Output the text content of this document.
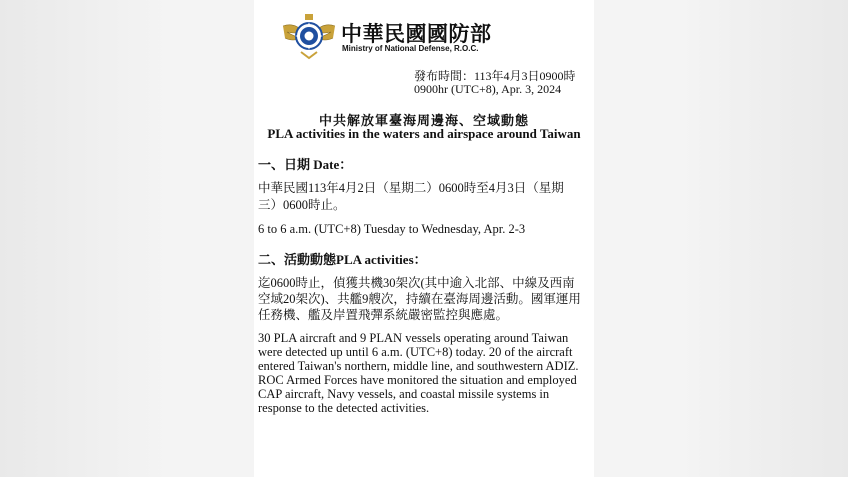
中華民國國防部
Ministry of National Defense, R.O.C.
發布時間：113年4月3日0900時
0900hr (UTC+8), Apr. 3, 2024
中共解放軍臺海周邊海、空域動態
PLA activities in the waters and airspace around Taiwan
一、日期 Date：
中華民國113年4月2日（星期二）0600時至4月3日（星期三）0600時止。
6 to 6 a.m. (UTC+8) Tuesday to Wednesday, Apr. 2-3
二、活動動態PLA activities：
迄0600時止，偵獲共機30架次(其中逾入北部、中線及西南空域20架次)、共艦9艘次，持續在臺海周邊活動。國軍運用任務機、艦及岸置飛彈系統嚴密監控與應處。
30 PLA aircraft and 9 PLAN vessels operating around Taiwan
were detected up until 6 a.m. (UTC+8) today. 20 of the aircraft
entered Taiwan's northern, middle line, and southwestern ADIZ.
ROC Armed Forces have monitored the situation and employed
CAP aircraft, Navy vessels, and coastal missile systems in
response to the detected activities.
